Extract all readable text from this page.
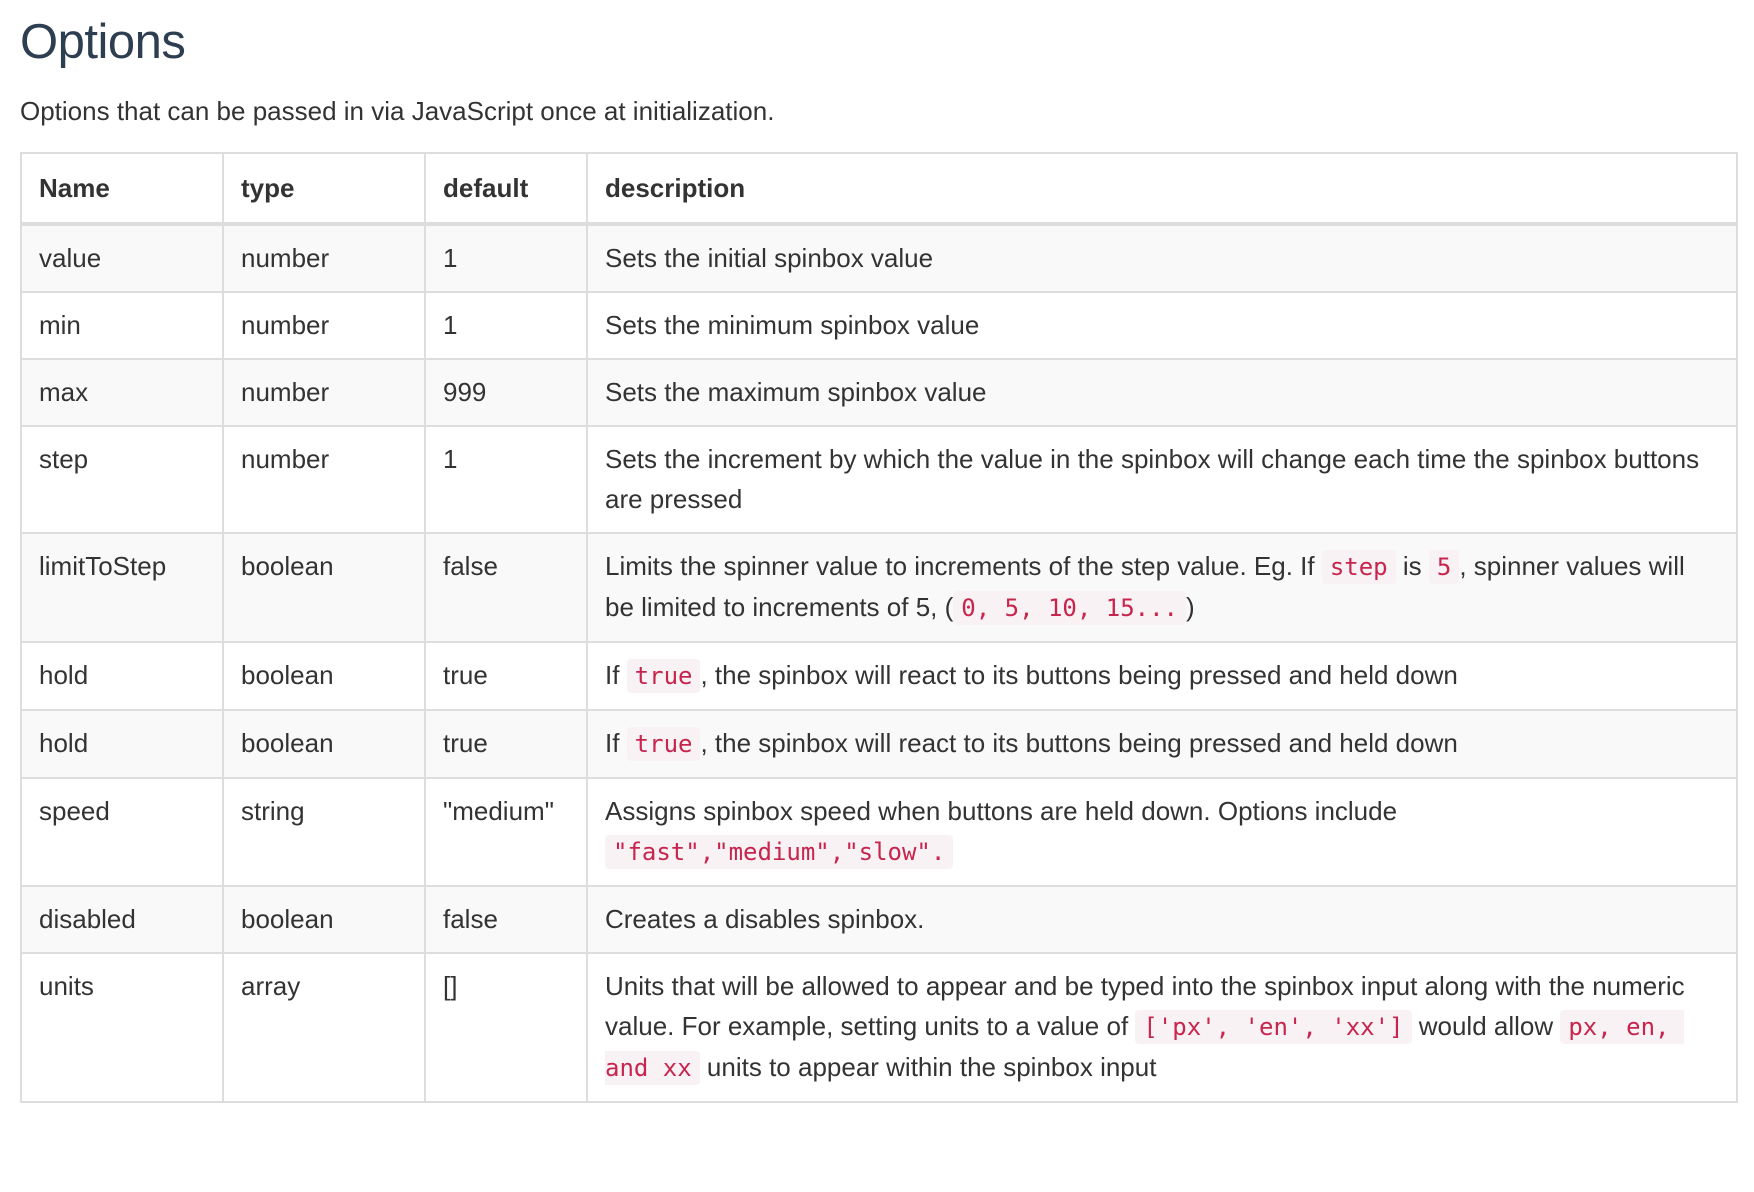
Options

Options that can be passed in via JavaScript once at initialization.

Name	type	default	description
value	number	1	Sets the initial spinbox value
min	number	1	Sets the minimum spinbox value
max	number	999	Sets the maximum spinbox value
step	number	1	Sets the increment by which the value in the spinbox will change each time the spinbox buttons are pressed
limitToStep	boolean	false	Limits the spinner value to increments of the step value. Eg. If step is 5 , spinner values will be limited to increments of 5, ( 0, 5, 10, 15... )
hold	boolean	true	If true , the spinbox will react to its buttons being pressed and held down
hold	boolean	true	If true , the spinbox will react to its buttons being pressed and held down
speed	string	"medium"	Assigns spinbox speed when buttons are held down. Options include "fast","medium","slow".
disabled	boolean	false	Creates a disables spinbox.
units	array	[]	Units that will be allowed to appear and be typed into the spinbox input along with the numeric value. For example, setting units to a value of ['px', 'en', 'xx'] would allow px, en, and xx units to appear within the spinbox input
